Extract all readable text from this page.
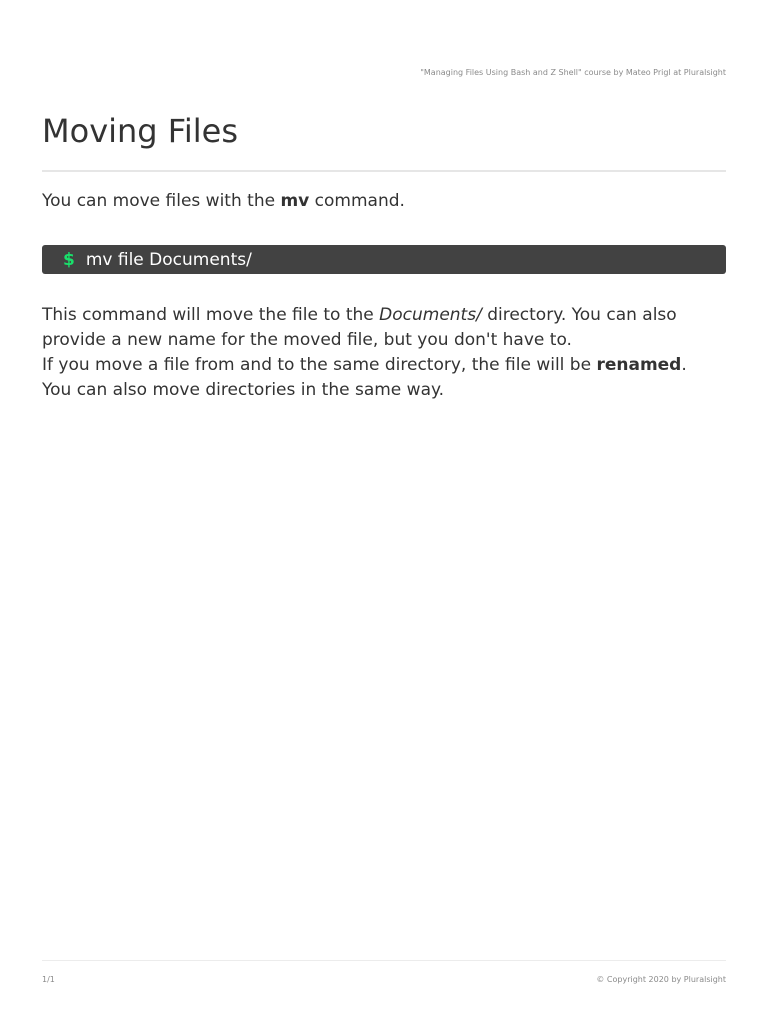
"Managing Files Using Bash and Z Shell" course by Mateo Prigl at Pluralsight
Moving Files

You can move files with the mv command.

$ mv file Documents/

This command will move the file to the Documents/ directory. You can also
provide a new name for the moved file, but you don't have to.
If you move a file from and to the same directory, the file will be renamed.
You can also move directories in the same way.

1/1	© Copyright 2020 by Pluralsight
